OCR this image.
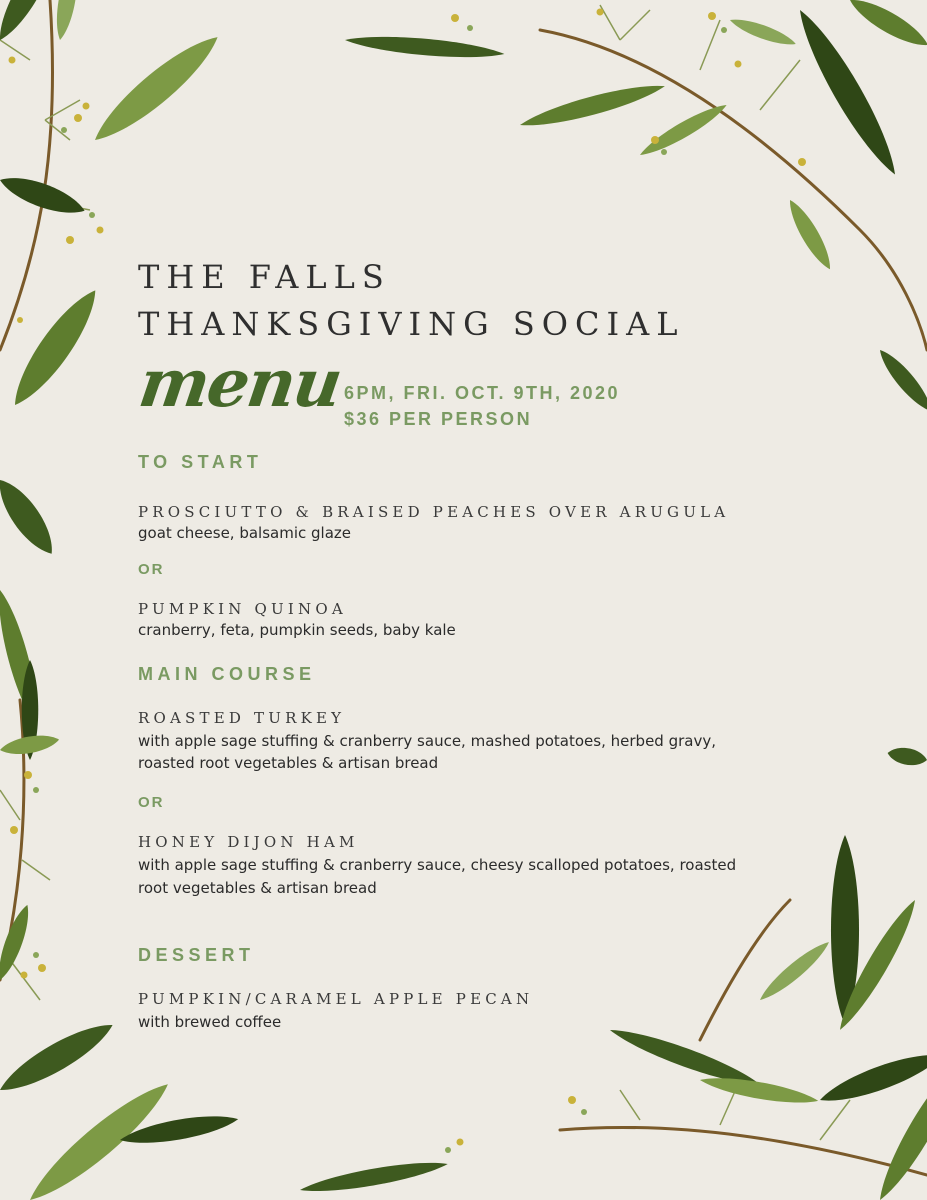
THE FALLS
THANKSGIVING SOCIAL
menu
6PM, FRI. OCT. 9TH, 2020
$36 PER PERSON
TO START
PROSCIUTTO & BRAISED PEACHES OVER ARUGULA
goat cheese, balsamic glaze
OR
PUMPKIN QUINOA
cranberry, feta, pumpkin seeds, baby kale
MAIN COURSE
ROASTED TURKEY
with apple sage stuffing & cranberry sauce, mashed potatoes, herbed gravy,
roasted root vegetables & artisan bread
OR
HONEY DIJON HAM
with apple sage stuffing & cranberry sauce, cheesy scalloped potatoes, roasted
root vegetables & artisan bread
DESSERT
PUMPKIN/CARAMEL APPLE PECAN
with brewed coffee
